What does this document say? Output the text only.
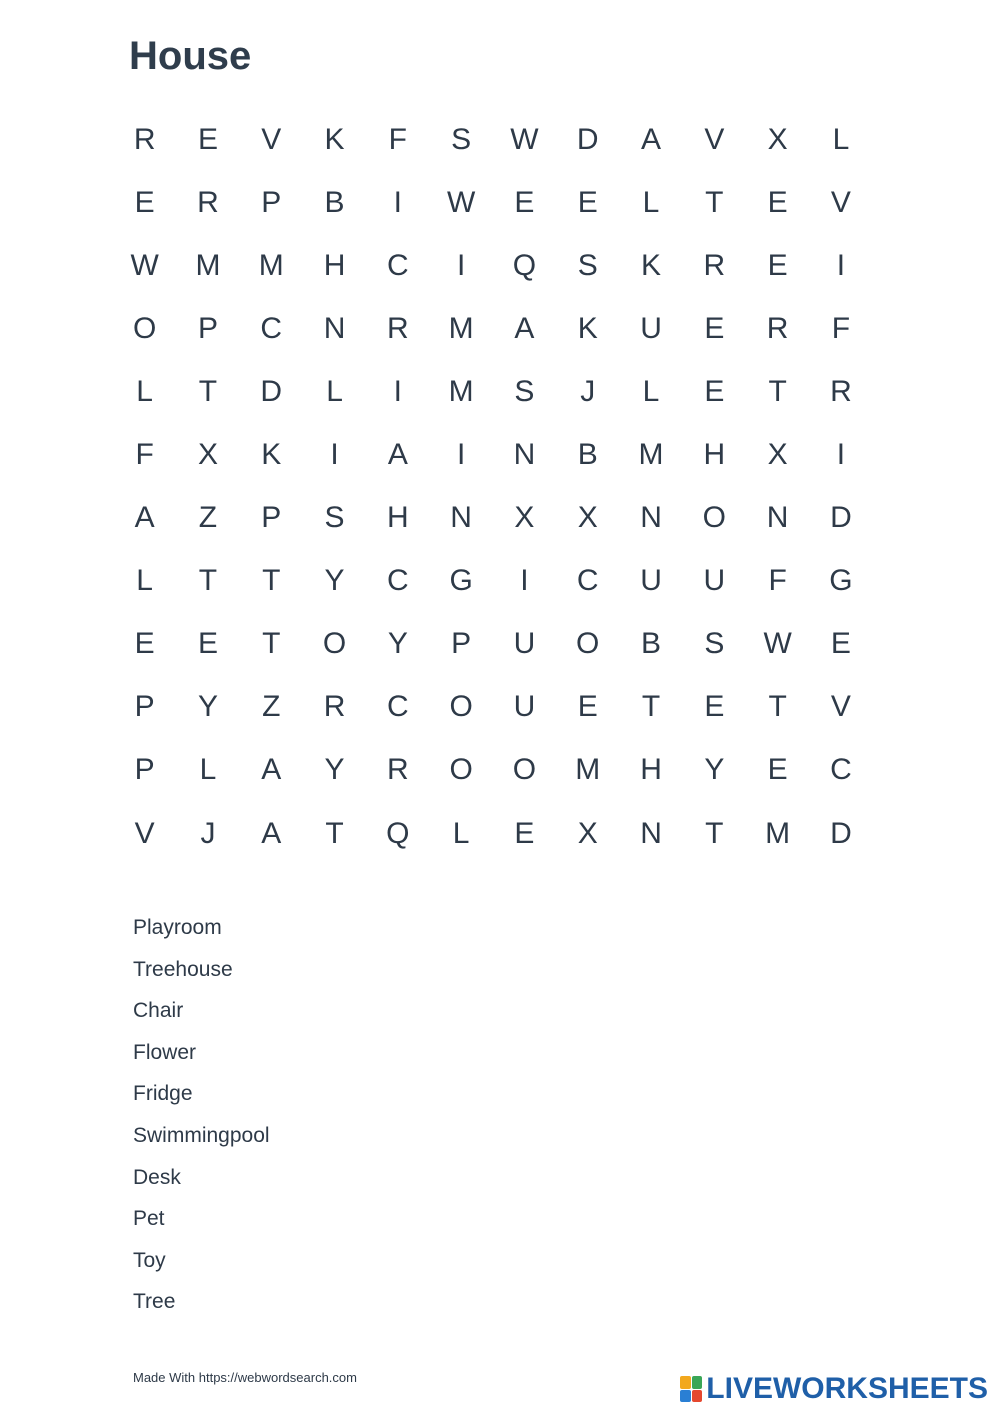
House
R	E	V	K	F	S	W	D	A	V	X	L
E	R	P	B	I	W	E	E	L	T	E	V
W	M	M	H	C	I	Q	S	K	R	E	I
O	P	C	N	R	M	A	K	U	E	R	F
L	T	D	L	I	M	S	J	L	E	T	R
F	X	K	I	A	I	N	B	M	H	X	I
A	Z	P	S	H	N	X	X	N	O	N	D
L	T	T	Y	C	G	I	C	U	U	F	G
E	E	T	O	Y	P	U	O	B	S	W	E
P	Y	Z	R	C	O	U	E	T	E	T	V
P	L	A	Y	R	O	O	M	H	Y	E	C
V	J	A	T	Q	L	E	X	N	T	M	D
Playroom
Treehouse
Chair
Flower
Fridge
Swimmingpool
Desk
Pet
Toy
Tree
Made With https://webwordsearch.com	LIVEWORKSHEETS
